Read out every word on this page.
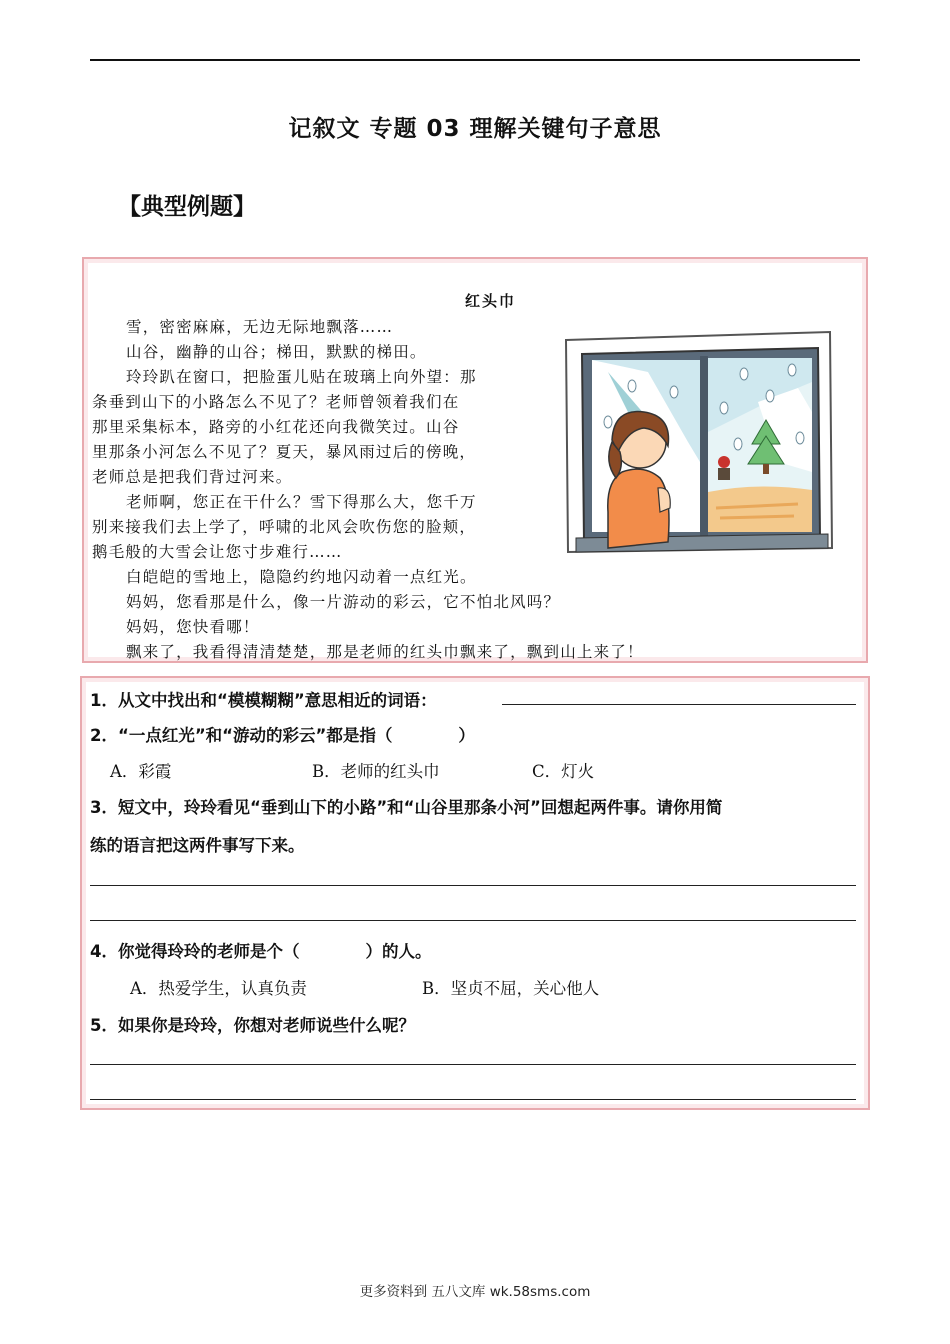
记叙文 专题 03 理解关键句子意思
【典型例题】
红头巾
雪，密密麻麻，无边无际地飘落……
山谷，幽静的山谷；梯田，默默的梯田。
玲玲趴在窗口，把脸蛋儿贴在玻璃上向外望：那
条垂到山下的小路怎么不见了？老师曾领着我们在
那里采集标本，路旁的小红花还向我微笑过。山谷
里那条小河怎么不见了？夏天，暴风雨过后的傍晚，
老师总是把我们背过河来。
老师啊，您正在干什么？雪下得那么大，您千万
别来接我们去上学了，呼啸的北风会吹伤您的脸颊，
鹅毛般的大雪会让您寸步难行……
白皑皑的雪地上，隐隐约约地闪动着一点红光。
妈妈，您看那是什么，像一片游动的彩云，它不怕北风吗？
妈妈，您快看哪！
飘来了，我看得清清楚楚，那是老师的红头巾飘来了，飘到山上来了！
1．从文中找出和“模模糊糊”意思相近的词语：
2．“一点红光”和“游动的彩云”都是指（　　　　）
A．彩霞	B．老师的红头巾	C．灯火
3．短文中，玲玲看见“垂到山下的小路”和“山谷里那条小河”回想起两件事。请你用简
练的语言把这两件事写下来。
4．你觉得玲玲的老师是个（　　　　）的人。
A．热爱学生，认真负责	B．坚贞不屈，关心他人
5．如果你是玲玲，你想对老师说些什么呢？
更多资料到 五八文库 wk.58sms.com
